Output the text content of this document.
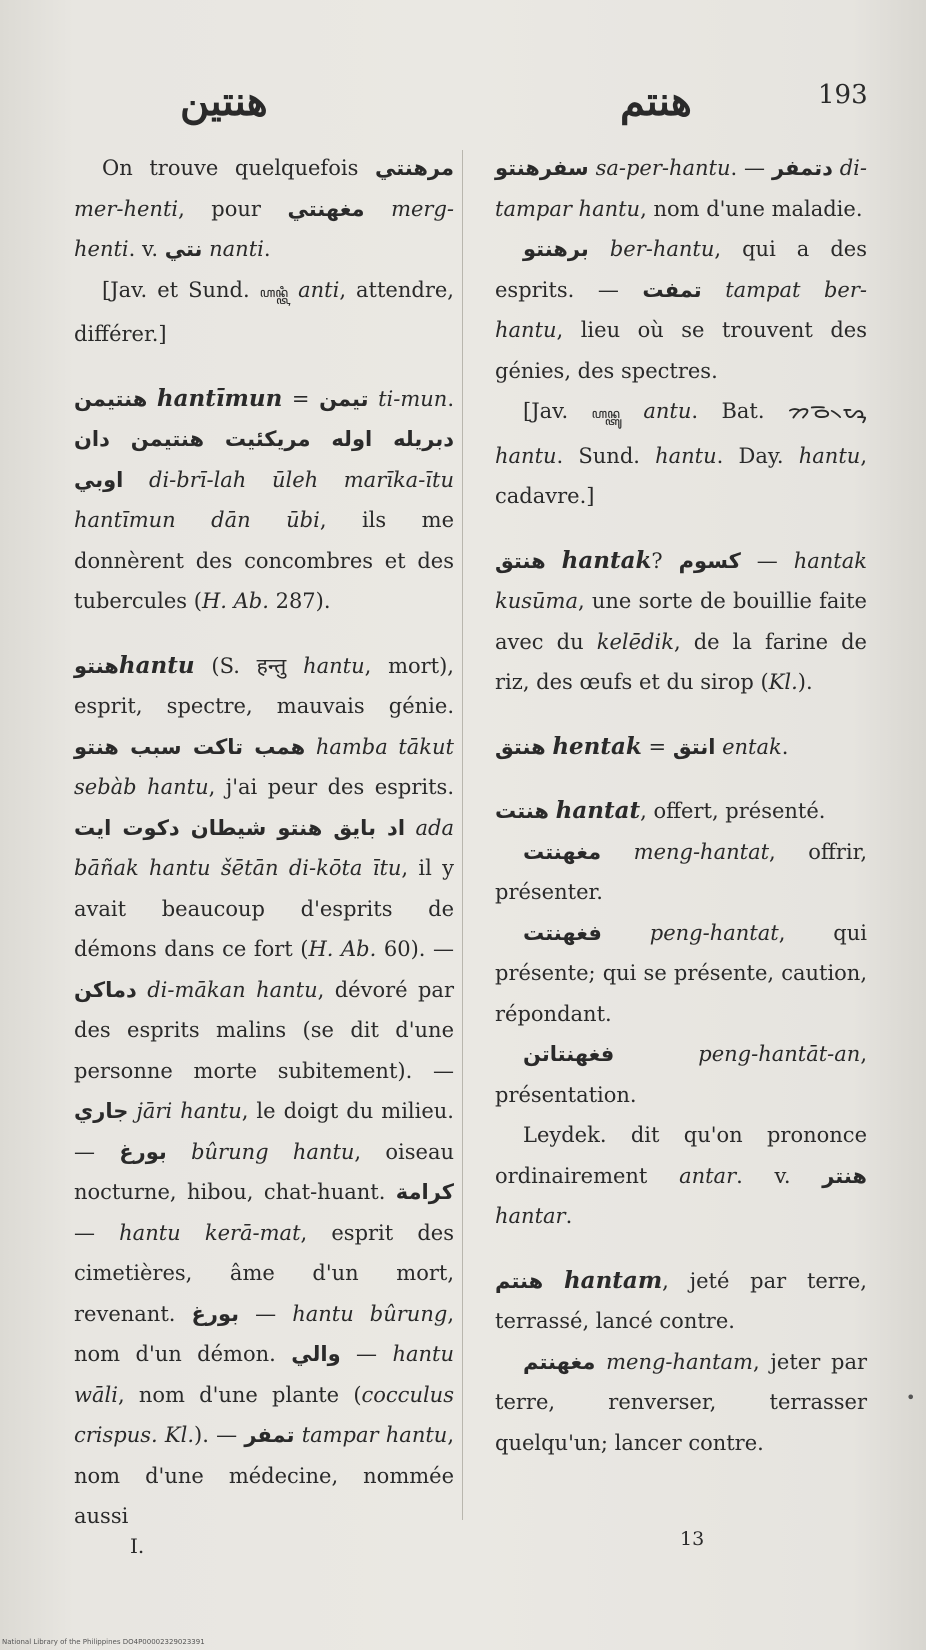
هنتين	هنتم	193

On trouve quelquefois مرهنتي mer-henti, pour مغهنتي merg-henti. v. نتي nanti.

[Jav. et Sund. ꦲꦤ꧀ꦠꦶ anti, attendre, différer.]

هنتيمن hantīmun = تيمن ti-mun. دبريله اوله مريكئيت هنتيمن دان اوبي di-brī-lah ūleh marīka-ītu hantīmun dān ūbi, ils me donnèrent des concombres et des tubercules (H. Ab. 287).

هنتوhantu (S. हन्तु hantu, mort), esprit, spectre, mauvais génie. همب تاكت سبب هنتو hamba tākut sebàb hantu, j'ai peur des esprits. اد بايق هنتو شيطان دكوت ايت ada bāñak hantu šētān di-kōta ītu, il y avait beaucoup d'esprits de démons dans ce fort (H. Ab. 60). — دماكن di-mākan hantu, dévoré par des esprits malins (se dit d'une personne morte subitement). — جاري jāri hantu, le doigt du milieu. — بورغ bûrung hantu, oiseau nocturne, hibou, chat-huant. كرامة — hantu kerā-mat, esprit des cimetières, âme d'un mort, revenant. بورغ — hantu bûrung, nom d'un démon. والي — hantu wāli, nom d'une plante (cocculus crispus. Kl.). — تمفر tampar hantu, nom d'une médecine, nommée aussi

سفرهنتو sa-per-hantu. — دتمفر di-tampar hantu, nom d'une maladie.

برهنتو ber-hantu, qui a des esprits. — تمفت tampat ber-hantu, lieu où se trouvent des génies, des spectres.

[Jav. ꦲꦤ꧀ꦠꦸ antu. Bat. ᯂᯉ᯲ᯗᯮ hantu. Sund. hantu. Day. hantu, cadavre.]

هنتق hantak? كسوم — hantak kusūma, une sorte de bouillie faite avec du kelēdik, de la farine de riz, des œufs et du sirop (Kl.).

هنتق hentak = انتق entak.

هنتت hantat, offert, présenté.

مغهنتت meng-hantat, offrir, présenter.

فغهنتت peng-hantat, qui présente; qui se présente, caution, répondant.

فغهنتاتن	peng-hantāt-an, présentation.

Leydek. dit qu'on prononce ordinairement antar. v. هنتر hantar.

هنتم hantam, jeté par terre, terrassé, lancé contre.

مغهنتم meng-hantam, jeter par terre, renverser, terrasser quelqu'un; lancer contre.

I.	13
•
National Library of the Philippines DO4P00002329023391
